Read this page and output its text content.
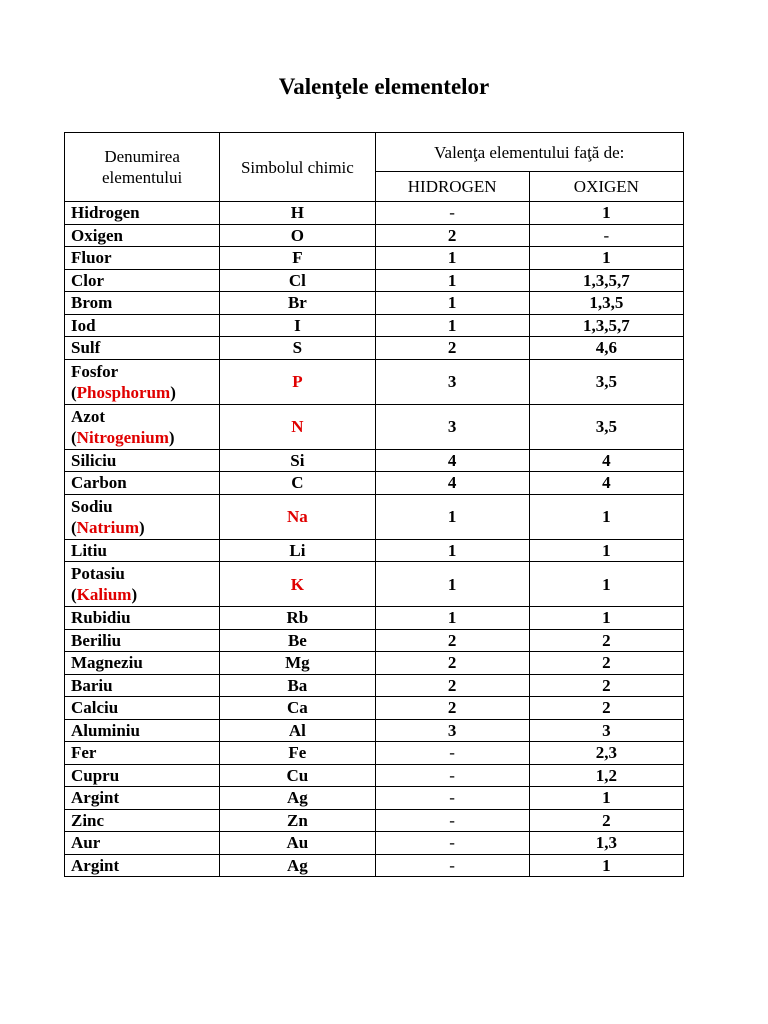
Valenţele elementelor
Denumirea elementului	Simbolul chimic	Valenţa elementului faţă de:	
		HIDROGEN	OXIGEN
Hidrogen	H	-	1
Oxigen	O	2	-
Fluor	F	1	1
Clor	Cl	1	1,3,5,7
Brom	Br	1	1,3,5
Iod	I	1	1,3,5,7
Sulf	S	2	4,6
Fosfor
(Phosphorum)	P	3	3,5
Azot
(Nitrogenium)	N	3	3,5
Siliciu	Si	4	4
Carbon	C	4	4
Sodiu
(Natrium)	Na	1	1
Litiu	Li	1	1
Potasiu
(Kalium)	K	1	1
Rubidiu	Rb	1	1
Beriliu	Be	2	2
Magneziu	Mg	2	2
Bariu	Ba	2	2
Calciu	Ca	2	2
Aluminiu	Al	3	3
Fer	Fe	-	2,3
Cupru	Cu	-	1,2
Argint	Ag	-	1
Zinc	Zn	-	2
Aur	Au	-	1,3
Argint	Ag	-	1
